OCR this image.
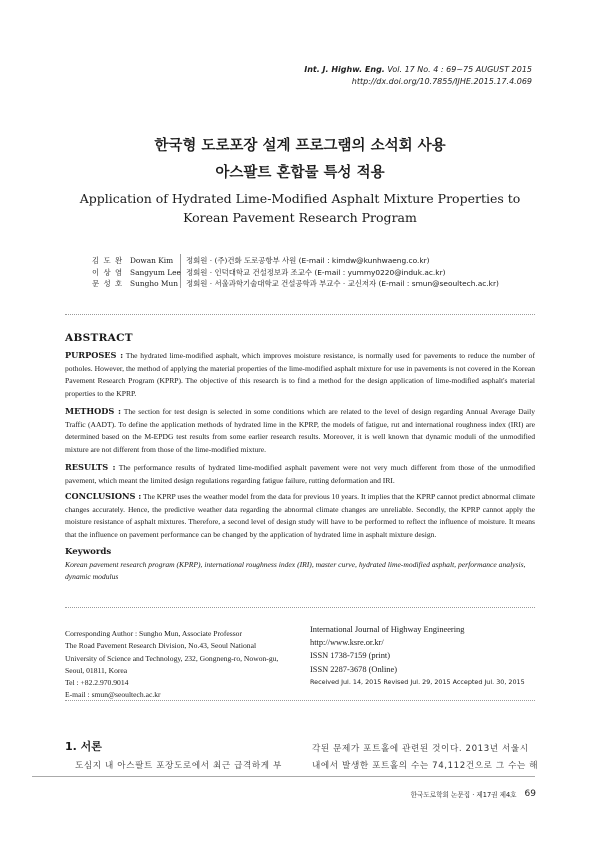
Int. J. Highw. Eng. Vol. 17 No. 4 : 69~75 AUGUST 2015
http://dx.doi.org/10.7855/IJHE.2015.17.4.069
한국형 도로포장 설계 프로그램의 소석회 사용
아스팔트 혼합물 특성 적용
Application of Hydrated Lime-Modified Asphalt Mixture Properties to
Korean Pavement Research Program
김 도 완 Dowan Kim	정회원 · (주)건화 도로공항부 사원 (E-mail : kimdw@kunhwaeng.co.kr)
이 상 염 Sangyum Lee 정회원 · 인덕대학교 건설정보과 조교수 (E-mail : yummy0220@induk.ac.kr)
문 성 호 Sungho Mun	정회원 · 서울과학기술대학교 건설공학과 부교수 · 교신저자 (E-mail : smun@seoultech.ac.kr)
ABSTRACT
PURPOSES : The hydrated lime-modified asphalt, which improves moisture resistance, is normally used for pavements to reduce the number of potholes. However, the method of applying the material properties of the lime-modified asphalt mixture for use in pavements is not covered in the Korean Pavement Research Program (KPRP). The objective of this research is to find a method for the design application of lime-modified asphalt's material properties to the KPRP.
METHODS : The section for test design is selected in some conditions which are related to the level of design regarding Annual Average Daily Traffic (AADT). To define the application methods of hydrated lime in the KPRP, the models of fatigue, rut and international roughness index (IRI) are determined based on the M-EPDG test results from some earlier research results. Moreover, it is well known that dynamic moduli of the unmodified mixture are not different from those of the lime-modified mixture.
RESULTS : The performance results of hydrated lime-modified asphalt pavement were not very much different from those of the unmodified pavement, which meant the limited design regulations regarding fatigue failure, rutting deformation and IRI.
CONCLUSIONS : The KPRP uses the weather model from the data for previous 10 years. It implies that the KPRP cannot predict abnormal climate changes accurately. Hence, the predictive weather data regarding the abnormal climate changes are unreliable. Secondly, the KPRP cannot apply the moisture resistance of asphalt mixtures. Therefore, a second level of design study will have to be performed to reflect the influence of moisture. It means that the influence on pavement performance can be changed by the application of hydrated lime in asphalt mixture design.
Keywords
Korean pavement research program (KPRP), international roughness index (IRI), master curve, hydrated lime-modified asphalt, performance analysis, dynamic modulus
Corresponding Author : Sungho Mun, Associate Professor
The Road Pavement Research Division, No.43, Seoul National
University of Science and Technology, 232, Gongneng-ro, Nowon-gu,
Seoul, 01811, Korea
Tel : +82.2.970.9014
E-mail : smun@seoultech.ac.kr
International Journal of Highway Engineering
http://www.ksre.or.kr/
ISSN 1738-7159 (print)
ISSN 2287-3678 (Online)
Received Jul. 14, 2015 Revised Jul. 29, 2015 Accepted Jul. 30, 2015
1. 서론
도심지 내 아스팔트 포장도로에서 최근 급격하게 부
각된 문제가 포트홀에 관련된 것이다. 2013년 서울시
내에서 발생한 포트홀의 수는 74,112건으로 그 수는 해
한국도로학회 논문집 · 제17권 제4호 69
